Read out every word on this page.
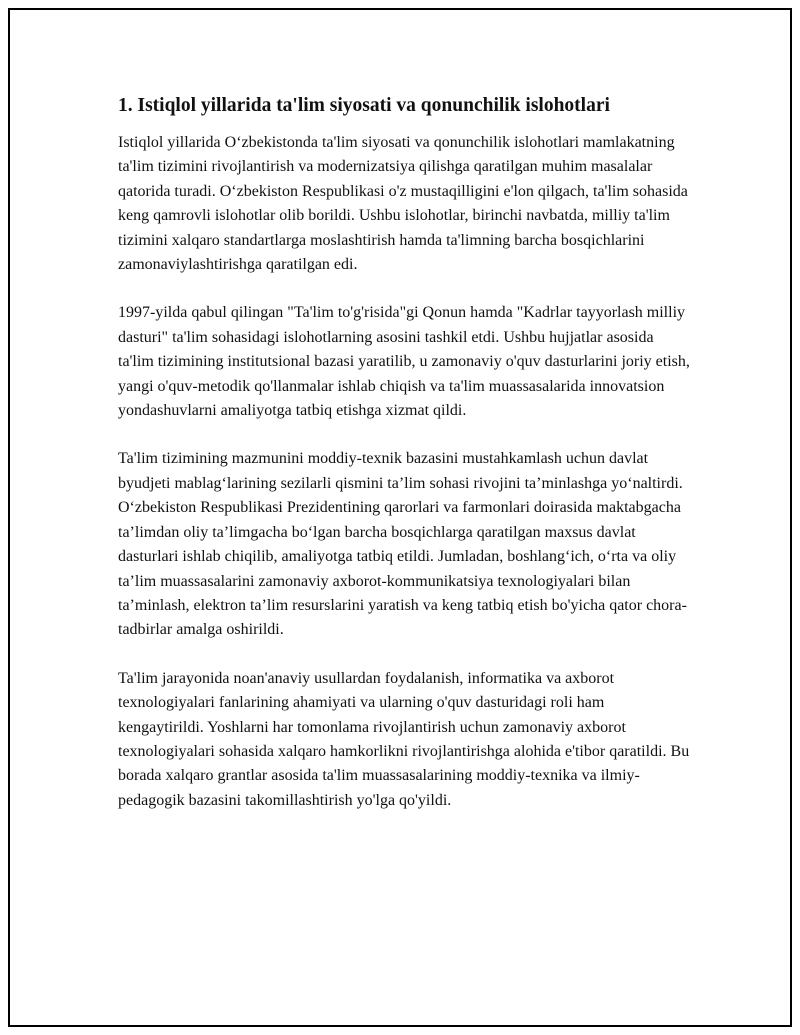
1. Istiqlol yillarida ta'lim siyosati va qonunchilik islohotlari

Istiqlol yillarida O‘zbekistonda ta'lim siyosati va qonunchilik islohotlari mamlakatning ta'lim tizimini rivojlantirish va modernizatsiya qilishga qaratilgan muhim masalalar qatorida turadi. O‘zbekiston Respublikasi o'z mustaqilligini e'lon qilgach, ta'lim sohasida keng qamrovli islohotlar olib borildi. Ushbu islohotlar, birinchi navbatda, milliy ta'lim tizimini xalqaro standartlarga moslashtirish hamda ta'limning barcha bosqichlarini zamonaviylashtirishga qaratilgan edi.

1997-yilda qabul qilingan "Ta'lim to'g'risida"gi Qonun hamda "Kadrlar tayyorlash milliy dasturi" ta'lim sohasidagi islohotlarning asosini tashkil etdi. Ushbu hujjatlar asosida ta'lim tizimining institutsional bazasi yaratilib, u zamonaviy o'quv dasturlarini joriy etish, yangi o'quv-metodik qo'llanmalar ishlab chiqish va ta'lim muassasalarida innovatsion yondashuvlarni amaliyotga tatbiq etishga xizmat qildi.

Ta'lim tizimining mazmunini moddiy-texnik bazasini mustahkamlash uchun davlat byudjeti mablag‘larining sezilarli qismini ta’lim sohasi rivojini ta’minlashga yo‘naltirdi. O‘zbekiston Respublikasi Prezidentining qarorlari va farmonlari doirasida maktabgacha ta’limdan oliy ta’limgacha bo‘lgan barcha bosqichlarga qaratilgan maxsus davlat dasturlari ishlab chiqilib, amaliyotga tatbiq etildi. Jumladan, boshlang‘ich, o‘rta va oliy ta’lim muassasalarini zamonaviy axborot-kommunikatsiya texnologiyalari bilan ta’minlash, elektron ta’lim resurslarini yaratish va keng tatbiq etish bo'yicha qator chora-tadbirlar amalga oshirildi.

Ta'lim jarayonida noan'anaviy usullardan foydalanish, informatika va axborot texnologiyalari fanlarining ahamiyati va ularning o'quv dasturidagi roli ham kengaytirildi. Yoshlarni har tomonlama rivojlantirish uchun zamonaviy axborot texnologiyalari sohasida xalqaro hamkorlikni rivojlantirishga alohida e'tibor qaratildi. Bu borada xalqaro grantlar asosida ta'lim muassasalarining moddiy-texnika va ilmiy-pedagogik bazasini takomillashtirish yo'lga qo'yildi.
